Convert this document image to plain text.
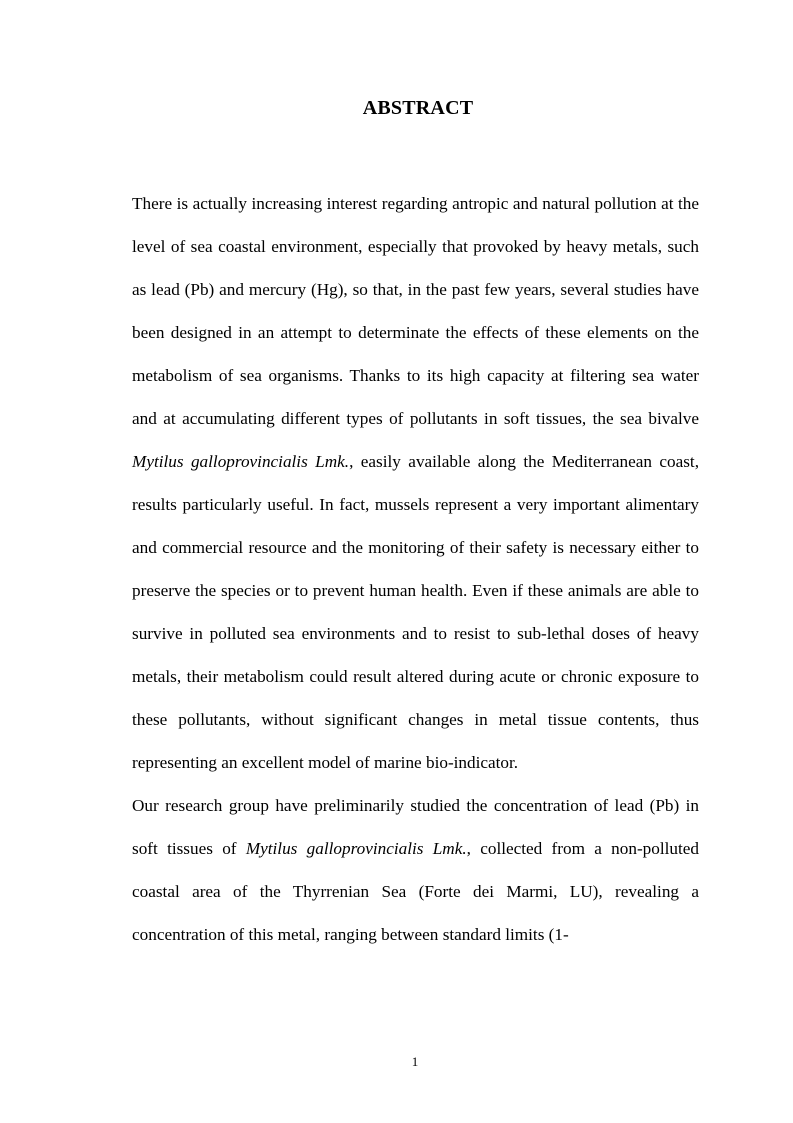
ABSTRACT

There is actually increasing interest regarding antropic and natural pollution at the level of sea coastal environment, especially that provoked by heavy metals, such as lead (Pb) and mercury (Hg), so that, in the past few years, several studies have been designed in an attempt to determinate the effects of these elements on the metabolism of sea organisms. Thanks to its high capacity at filtering sea water and at accumulating different types of pollutants in soft tissues, the sea bivalve Mytilus galloprovincialis Lmk., easily available along the Mediterranean coast, results particularly useful. In fact, mussels represent a very important alimentary and commercial resource and the monitoring of their safety is necessary either to preserve the species or to prevent human health. Even if these animals are able to survive in polluted sea environments and to resist to sub-lethal doses of heavy metals, their metabolism could result altered during acute or chronic exposure to these pollutants, without significant changes in metal tissue contents, thus representing an excellent model of marine bio-indicator.

Our research group have preliminarily studied the concentration of lead (Pb) in soft tissues of Mytilus galloprovincialis Lmk., collected from a non-polluted coastal area of the Thyrrenian Sea (Forte dei Marmi, LU), revealing a concentration of this metal, ranging between standard limits (1-

1
